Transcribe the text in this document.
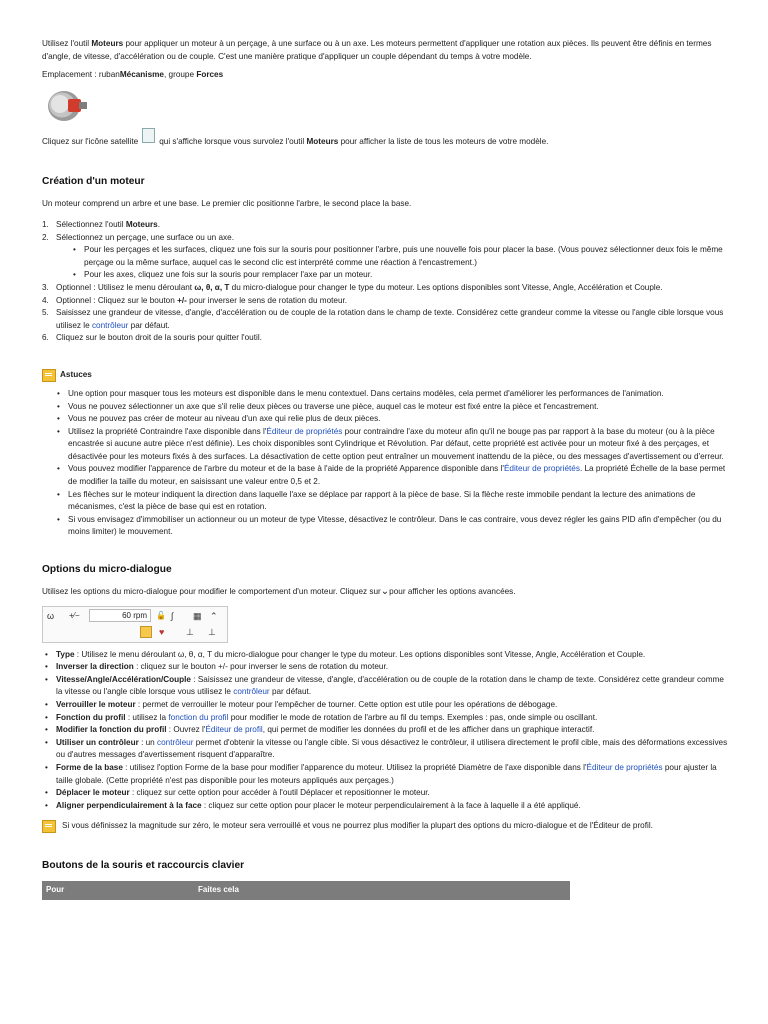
Utilisez l'outil Moteurs pour appliquer un moteur à un perçage, à une surface ou à un axe. Les moteurs permettent d'appliquer une rotation aux pièces. Ils peuvent être définis en termes d'angle, de vitesse, d'accélération ou de couple. C'est une manière pratique d'appliquer un couple dépendant du temps à votre modèle.

Emplacement : rubanMécanisme, groupe Forces

Cliquez sur l'icône satellite	qui s'affiche lorsque vous survolez l'outil Moteurs pour afficher la liste de tous les moteurs de votre modèle.
Création d'un moteur

Un moteur comprend un arbre et une base. Le premier clic positionne l'arbre, le second place la base.

1. Sélectionnez l'outil Moteurs.
2. Sélectionnez un perçage, une surface ou un axe.
• Pour les perçages et les surfaces, cliquez une fois sur la souris pour positionner l'arbre, puis une nouvelle fois pour placer la base. (Vous pouvez sélectionner deux fois le même perçage ou la même surface, auquel cas le second clic est interprété comme une réaction à l'encastrement.)
• Pour les axes, cliquez une fois sur la souris pour remplacer l'axe par un moteur.
3. Optionnel : Utilisez le menu déroulant ω, θ, α, T du micro-dialogue pour changer le type du moteur. Les options disponibles sont Vitesse, Angle, Accélération et Couple.
4. Optionnel : Cliquez sur le bouton +/- pour inverser le sens de rotation du moteur.
5. Saisissez une grandeur de vitesse, d'angle, d'accélération ou de couple de la rotation dans le champ de texte. Considérez cette grandeur comme la vitesse ou l'angle cible lorsque vous utilisez le contrôleur par défaut.
6. Cliquez sur le bouton droit de la souris pour quitter l'outil.
Astuces
• Une option pour masquer tous les moteurs est disponible dans le menu contextuel. Dans certains modèles, cela permet d'améliorer les performances de l'animation.
• Vous ne pouvez sélectionner un axe que s'il relie deux pièces ou traverse une pièce, auquel cas le moteur est fixé entre la pièce et l'encastrement.
• Vous ne pouvez pas créer de moteur au niveau d'un axe qui relie plus de deux pièces.
• Utilisez la propriété Contraindre l'axe disponible dans l'Éditeur de propriétés pour contraindre l'axe du moteur afin qu'il ne bouge pas par rapport à la base du moteur (ou à la pièce encastrée si aucune autre pièce n'est définie). Les choix disponibles sont Cylindrique et Révolution. Par défaut, cette propriété est activée pour un moteur fixé à des perçages, et désactivée pour les moteurs fixés à des surfaces. La désactivation de cette option peut entraîner un mouvement inattendu de la pièce, ou des messages d'avertissement ou d'erreur.
• Vous pouvez modifier l'apparence de l'arbre du moteur et de la base à l'aide de la propriété Apparence disponible dans l'Éditeur de propriétés. La propriété Échelle de la base permet de modifier la taille du moteur, en saisissant une valeur entre 0,5 et 2.
• Les flèches sur le moteur indiquent la direction dans laquelle l'axe se déplace par rapport à la pièce de base. Si la flèche reste immobile pendant la lecture des animations de mécanismes, c'est la pièce de base qui est en rotation.
• Si vous envisagez d'immobiliser un actionneur ou un moteur de type Vitesse, désactivez le contrôleur. Dans le cas contraire, vous devez régler les gains PID afin d'empêcher (ou du moins limiter) le mouvement.
Options du micro-dialogue

Utilisez les options du micro-dialogue pour modifier le comportement d'un moteur. Cliquez sur⌄pour afficher les options avancées.

ω +⁄−	60 rpm	🔓 ∫ ▦ ⌃
♥ ⊥ ⊥
• Type : Utilisez le menu déroulant ω, θ, α, T du micro-dialogue pour changer le type du moteur. Les options disponibles sont Vitesse, Angle, Accélération et Couple.
• Inverser la direction : cliquez sur le bouton +/- pour inverser le sens de rotation du moteur.
• Vitesse/Angle/Accélération/Couple : Saisissez une grandeur de vitesse, d'angle, d'accélération ou de couple de la rotation dans le champ de texte. Considérez cette grandeur comme la vitesse ou l'angle cible lorsque vous utilisez le contrôleur par défaut.
• Verrouiller le moteur : permet de verrouiller le moteur pour l'empêcher de tourner. Cette option est utile pour les opérations de débogage.
• Fonction du profil : utilisez la fonction du profil pour modifier le mode de rotation de l'arbre au fil du temps. Exemples : pas, onde simple ou oscillant.
• Modifier la fonction du profil : Ouvrez l'Éditeur de profil, qui permet de modifier les données du profil et de les afficher dans un graphique interactif.
• Utiliser un contrôleur : un contrôleur permet d'obtenir la vitesse ou l'angle cible. Si vous désactivez le contrôleur, il utilisera directement le profil cible, mais des déformations excessives ou d'autres messages d'avertissement risquent d'apparaître.
• Forme de la base : utilisez l'option Forme de la base pour modifier l'apparence du moteur. Utilisez la propriété Diamètre de l'axe disponible dans l'Éditeur de propriétés pour ajuster la taille globale. (Cette propriété n'est pas disponible pour les moteurs appliqués aux perçages.)
• Déplacer le moteur : cliquez sur cette option pour accéder à l'outil Déplacer et repositionner le moteur.
• Aligner perpendiculairement à la face : cliquez sur cette option pour placer le moteur perpendiculairement à la face à laquelle il a été appliqué.
Si vous définissez la magnitude sur zéro, le moteur sera verrouillé et vous ne pourrez plus modifier la plupart des options du micro-dialogue et de l'Éditeur de profil.
Boutons de la souris et raccourcis clavier
Pour	Faites cela
